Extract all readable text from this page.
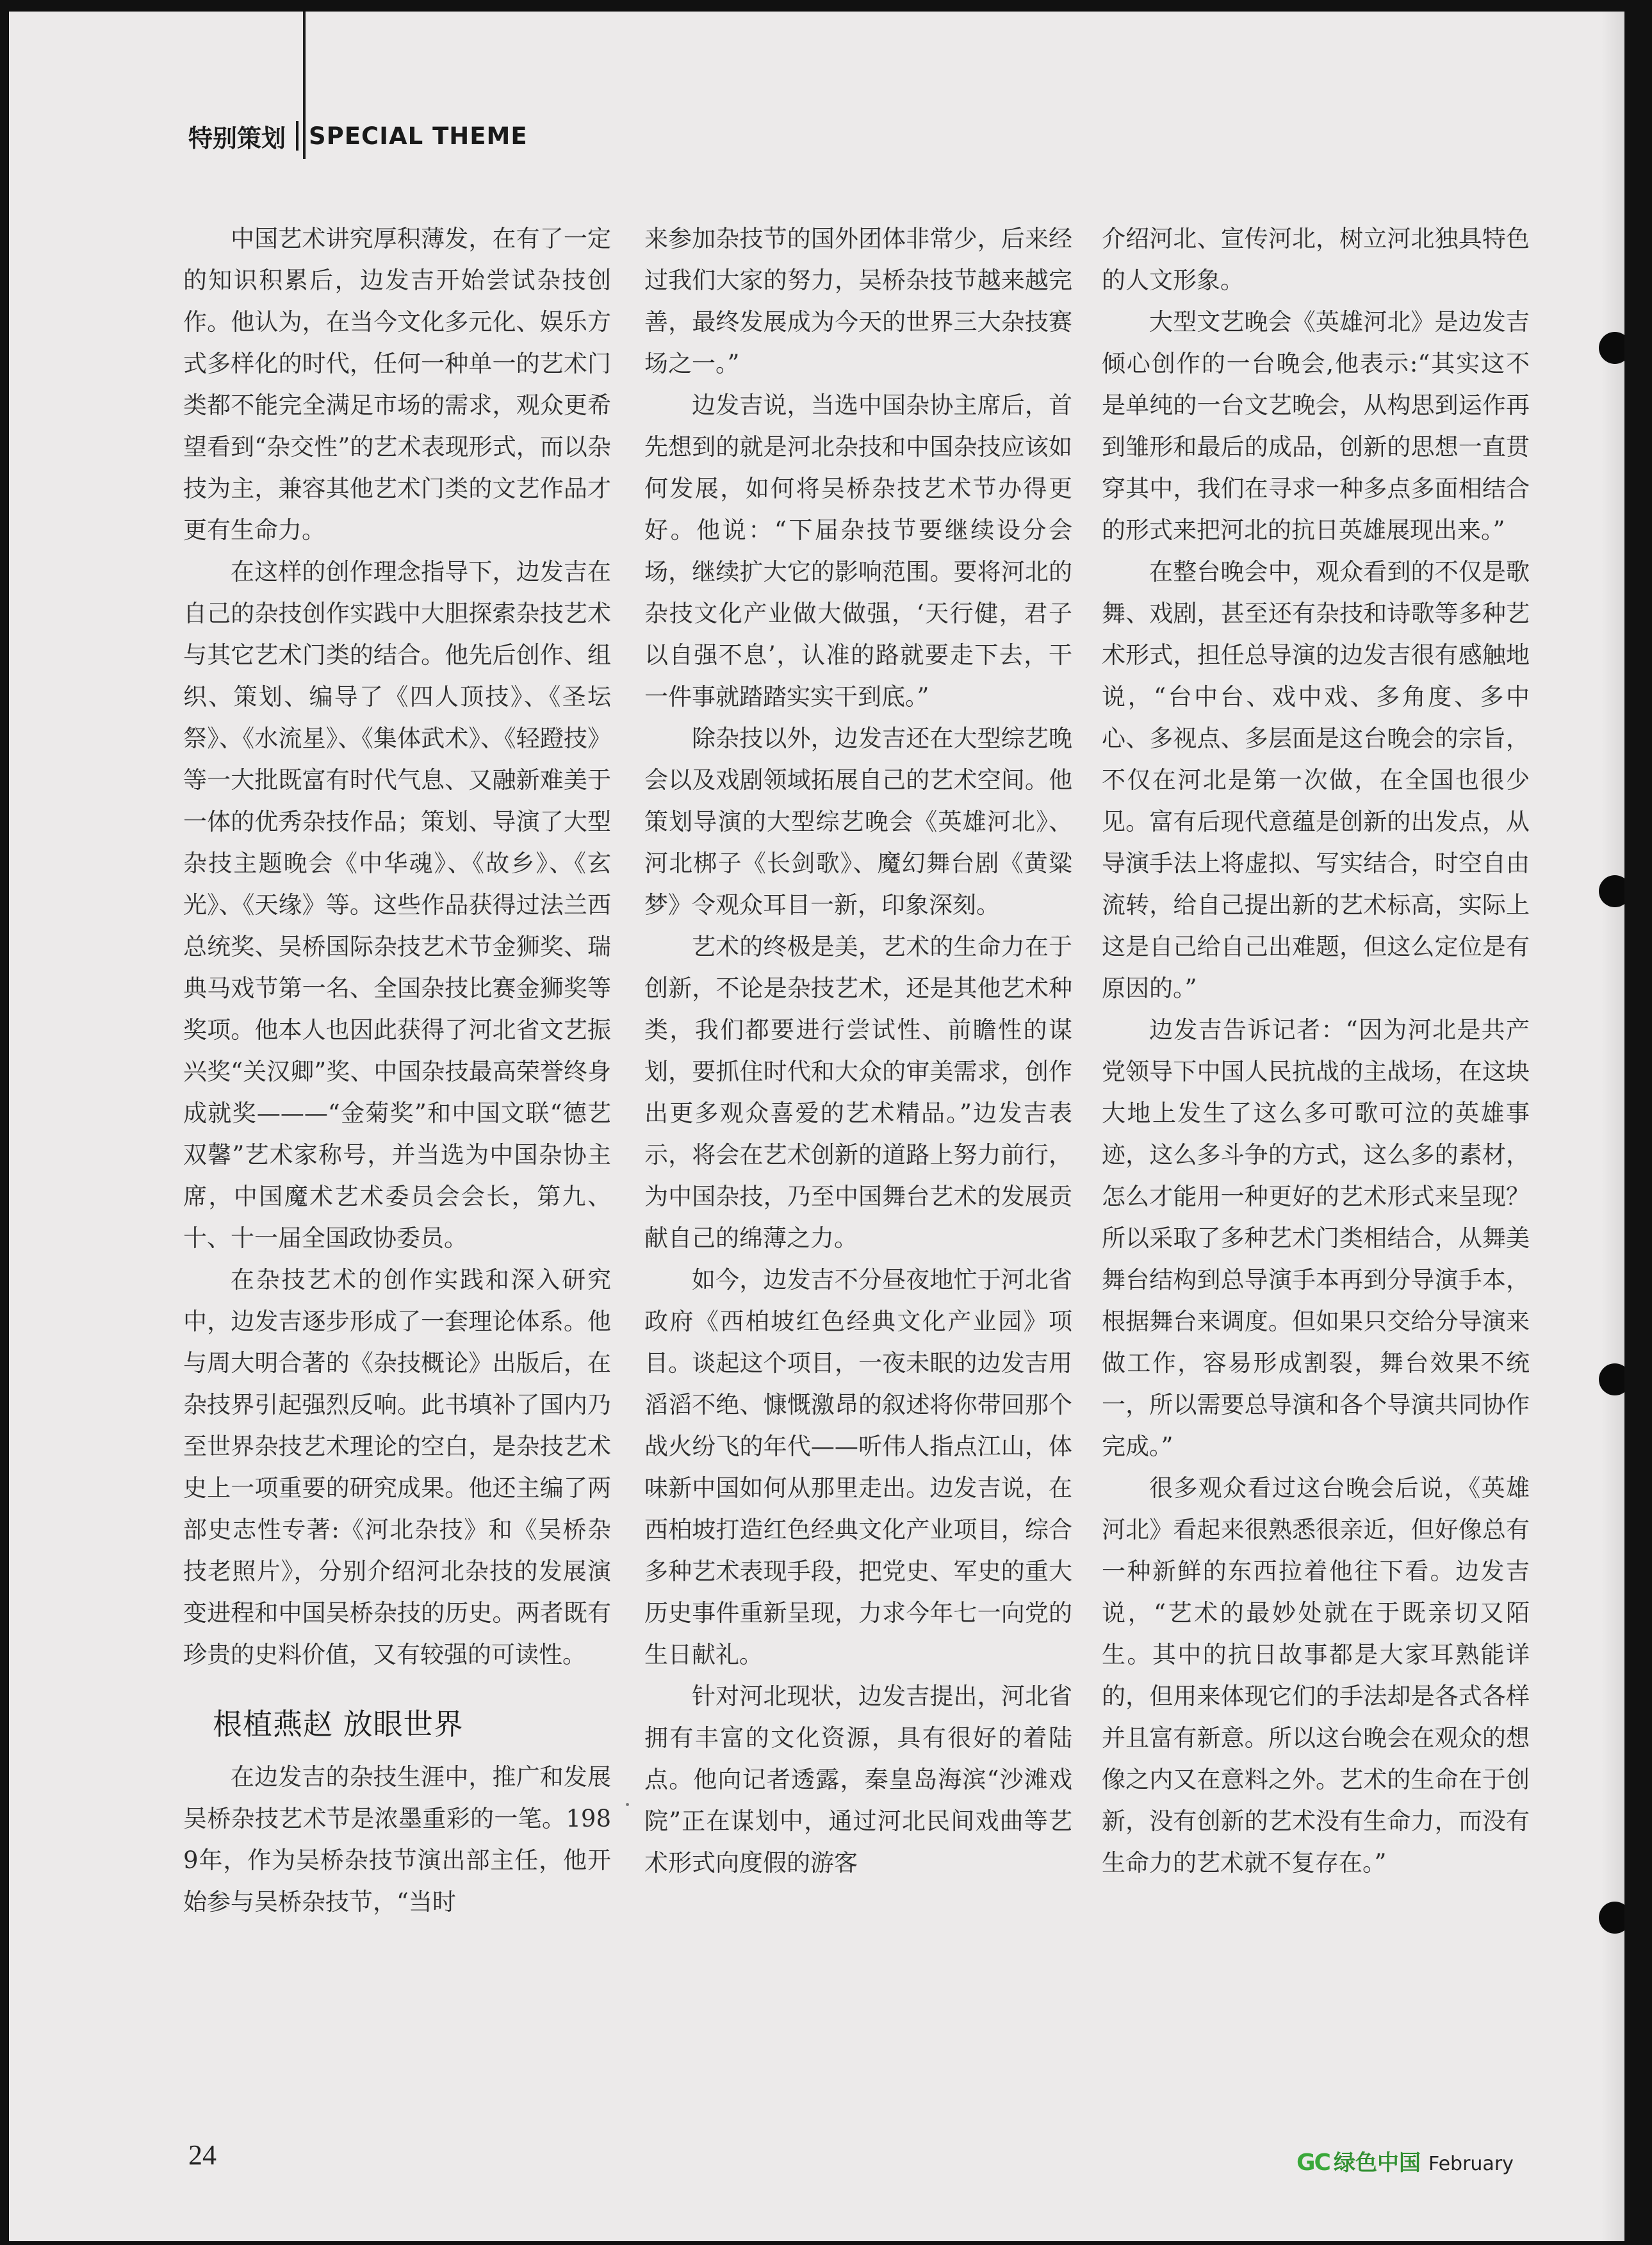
特别策划 SPECIAL THEME

中国艺术讲究厚积薄发，在有了一定的知识积累后，边发吉开始尝试杂技创作。他认为，在当今文化多元化、娱乐方式多样化的时代，任何一种单一的艺术门类都不能完全满足市场的需求，观众更希望看到“杂交性”的艺术表现形式，而以杂技为主，兼容其他艺术门类的文艺作品才更有生命力。

在这样的创作理念指导下，边发吉在自己的杂技创作实践中大胆探索杂技艺术与其它艺术门类的结合。他先后创作、组织、策划、编导了《四人顶技》、《圣坛祭》、《水流星》、《集体武术》、《轻蹬技》等一大批既富有时代气息、又融新难美于一体的优秀杂技作品；策划、导演了大型杂技主题晚会《中华魂》、《故乡》、《玄光》、《天缘》等。这些作品获得过法兰西总统奖、吴桥国际杂技艺术节金狮奖、瑞典马戏节第一名、全国杂技比赛金狮奖等奖项。他本人也因此获得了河北省文艺振兴奖“关汉卿”奖、中国杂技最高荣誉终身成就奖———“金菊奖”和中国文联“德艺双馨”艺术家称号，并当选为中国杂协主席，中国魔术艺术委员会会长，第九、十、十一届全国政协委员。

在杂技艺术的创作实践和深入研究中，边发吉逐步形成了一套理论体系。他与周大明合著的《杂技概论》出版后，在杂技界引起强烈反响。此书填补了国内乃至世界杂技艺术理论的空白，是杂技艺术史上一项重要的研究成果。他还主编了两部史志性专著:《河北杂技》和《吴桥杂技老照片》，分别介绍河北杂技的发展演变进程和中国吴桥杂技的历史。两者既有珍贵的史料价值，又有较强的可读性。

根植燕赵 放眼世界

在边发吉的杂技生涯中，推广和发展吴桥杂技艺术节是浓墨重彩的一笔。1989年，作为吴桥杂技节演出部主任，他开始参与吴桥杂技节，“当时

来参加杂技节的国外团体非常少，后来经过我们大家的努力，吴桥杂技节越来越完善，最终发展成为今天的世界三大杂技赛场之一。”

边发吉说，当选中国杂协主席后，首先想到的就是河北杂技和中国杂技应该如何发展，如何将吴桥杂技艺术节办得更好。他说：“下届杂技节要继续设分会场，继续扩大它的影响范围。要将河北的杂技文化产业做大做强，‘天行健，君子以自强不息’，认准的路就要走下去，干一件事就踏踏实实干到底。”

除杂技以外，边发吉还在大型综艺晚会以及戏剧领域拓展自己的艺术空间。他策划导演的大型综艺晚会《英雄河北》、河北梆子《长剑歌》、魔幻舞台剧《黄粱梦》令观众耳目一新，印象深刻。

艺术的终极是美，艺术的生命力在于创新，不论是杂技艺术，还是其他艺术种类，我们都要进行尝试性、前瞻性的谋划，要抓住时代和大众的审美需求，创作出更多观众喜爱的艺术精品。”边发吉表示，将会在艺术创新的道路上努力前行，为中国杂技，乃至中国舞台艺术的发展贡献自己的绵薄之力。

如今，边发吉不分昼夜地忙于河北省政府《西柏坡红色经典文化产业园》项目。谈起这个项目，一夜未眠的边发吉用滔滔不绝、慷慨激昂的叙述将你带回那个战火纷飞的年代——听伟人指点江山，体味新中国如何从那里走出。边发吉说，在西柏坡打造红色经典文化产业项目，综合多种艺术表现手段，把党史、军史的重大历史事件重新呈现，力求今年七一向党的生日献礼。

针对河北现状，边发吉提出，河北省拥有丰富的文化资源，具有很好的着陆点。他向记者透露，秦皇岛海滨“沙滩戏院”正在谋划中，通过河北民间戏曲等艺术形式向度假的游客

介绍河北、宣传河北，树立河北独具特色的人文形象。

大型文艺晚会《英雄河北》是边发吉倾心创作的一台晚会,他表示:“其实这不是单纯的一台文艺晚会，从构思到运作再到雏形和最后的成品，创新的思想一直贯穿其中，我们在寻求一种多点多面相结合的形式来把河北的抗日英雄展现出来。”

在整台晚会中，观众看到的不仅是歌舞、戏剧，甚至还有杂技和诗歌等多种艺术形式，担任总导演的边发吉很有感触地说，“台中台、戏中戏、多角度、多中心、多视点、多层面是这台晚会的宗旨，不仅在河北是第一次做，在全国也很少见。富有后现代意蕴是创新的出发点，从导演手法上将虚拟、写实结合，时空自由流转，给自己提出新的艺术标高，实际上这是自己给自己出难题，但这么定位是有原因的。”

边发吉告诉记者：“因为河北是共产党领导下中国人民抗战的主战场，在这块大地上发生了这么多可歌可泣的英雄事迹，这么多斗争的方式，这么多的素材，怎么才能用一种更好的艺术形式来呈现？所以采取了多种艺术门类相结合，从舞美舞台结构到总导演手本再到分导演手本，根据舞台来调度。但如果只交给分导演来做工作，容易形成割裂，舞台效果不统一，所以需要总导演和各个导演共同协作完成。”

很多观众看过这台晚会后说，《英雄河北》看起来很熟悉很亲近，但好像总有一种新鲜的东西拉着他往下看。边发吉说，“艺术的最妙处就在于既亲切又陌生。其中的抗日故事都是大家耳熟能详的，但用来体现它们的手法却是各式各样并且富有新意。所以这台晚会在观众的想像之内又在意料之外。艺术的生命在于创新，没有创新的艺术没有生命力，而没有生命力的艺术就不复存在。”

24	GC 绿色中国 February
